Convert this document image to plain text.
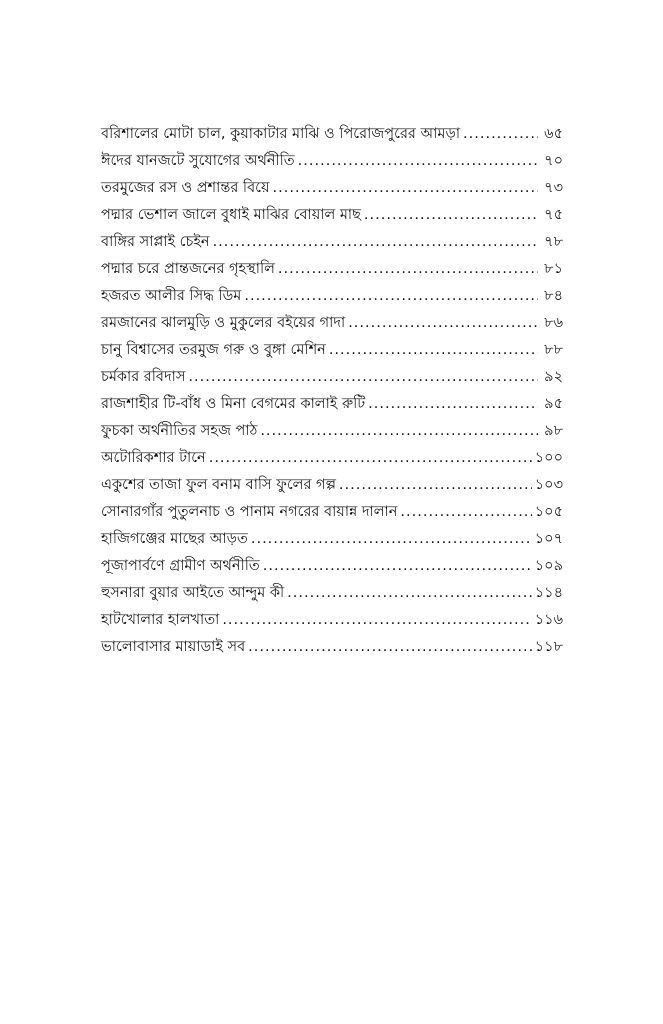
বরিশালের মোটা চাল, কুয়াকাটার মাঝি ও পিরোজপুরের আমড়া .....	৬৫
ঈদের যানজটে সুযোগের অর্থনীতি .....	৭০
তরমুজের রস ও প্রশান্তর বিয়ে .....	৭৩
পদ্মার ভেশাল জালে বুধাই মাঝির বোয়াল মাছ .....	৭৫
বাঙ্গির সাপ্লাই চেইন .....	৭৮
পদ্মার চরে প্রান্তজনের গৃহস্থালি .....	৮১
হজরত আলীর সিদ্ধ ডিম .....	৮৪
রমজানের ঝালমুড়ি ও মুকুলের বইয়ের গাদা .....	৮৬
চানু বিশ্বাসের তরমুজ গরু ও বুঙ্গা মেশিন .....	৮৮
চর্মকার রবিদাস .....	৯২
রাজশাহীর টি-বাঁধ ও মিনা বেগমের কালাই রুটি .....	৯৫
ফুচকা অর্থনীতির সহজ পাঠ .....	৯৮
অটোরিকশার টানে .....	১০০
একুশের তাজা ফুল বনাম বাসি ফুলের গল্প .....	১০৩
সোনারগাঁর পুতুলনাচ ও পানাম নগরের বায়ান্ন দালান .....	১০৫
হাজিগঞ্জের মাছের আড়ত .....	১০৭
পূজাপার্বণে গ্রামীণ অর্থনীতি .....	১০৯
হুসনারা বুয়ার আইতে আন্দুম কী .....	১১৪
হাটখোলার হালখাতা .....	১১৬
ভালোবাসার মায়াডাই সব .....	১১৮
